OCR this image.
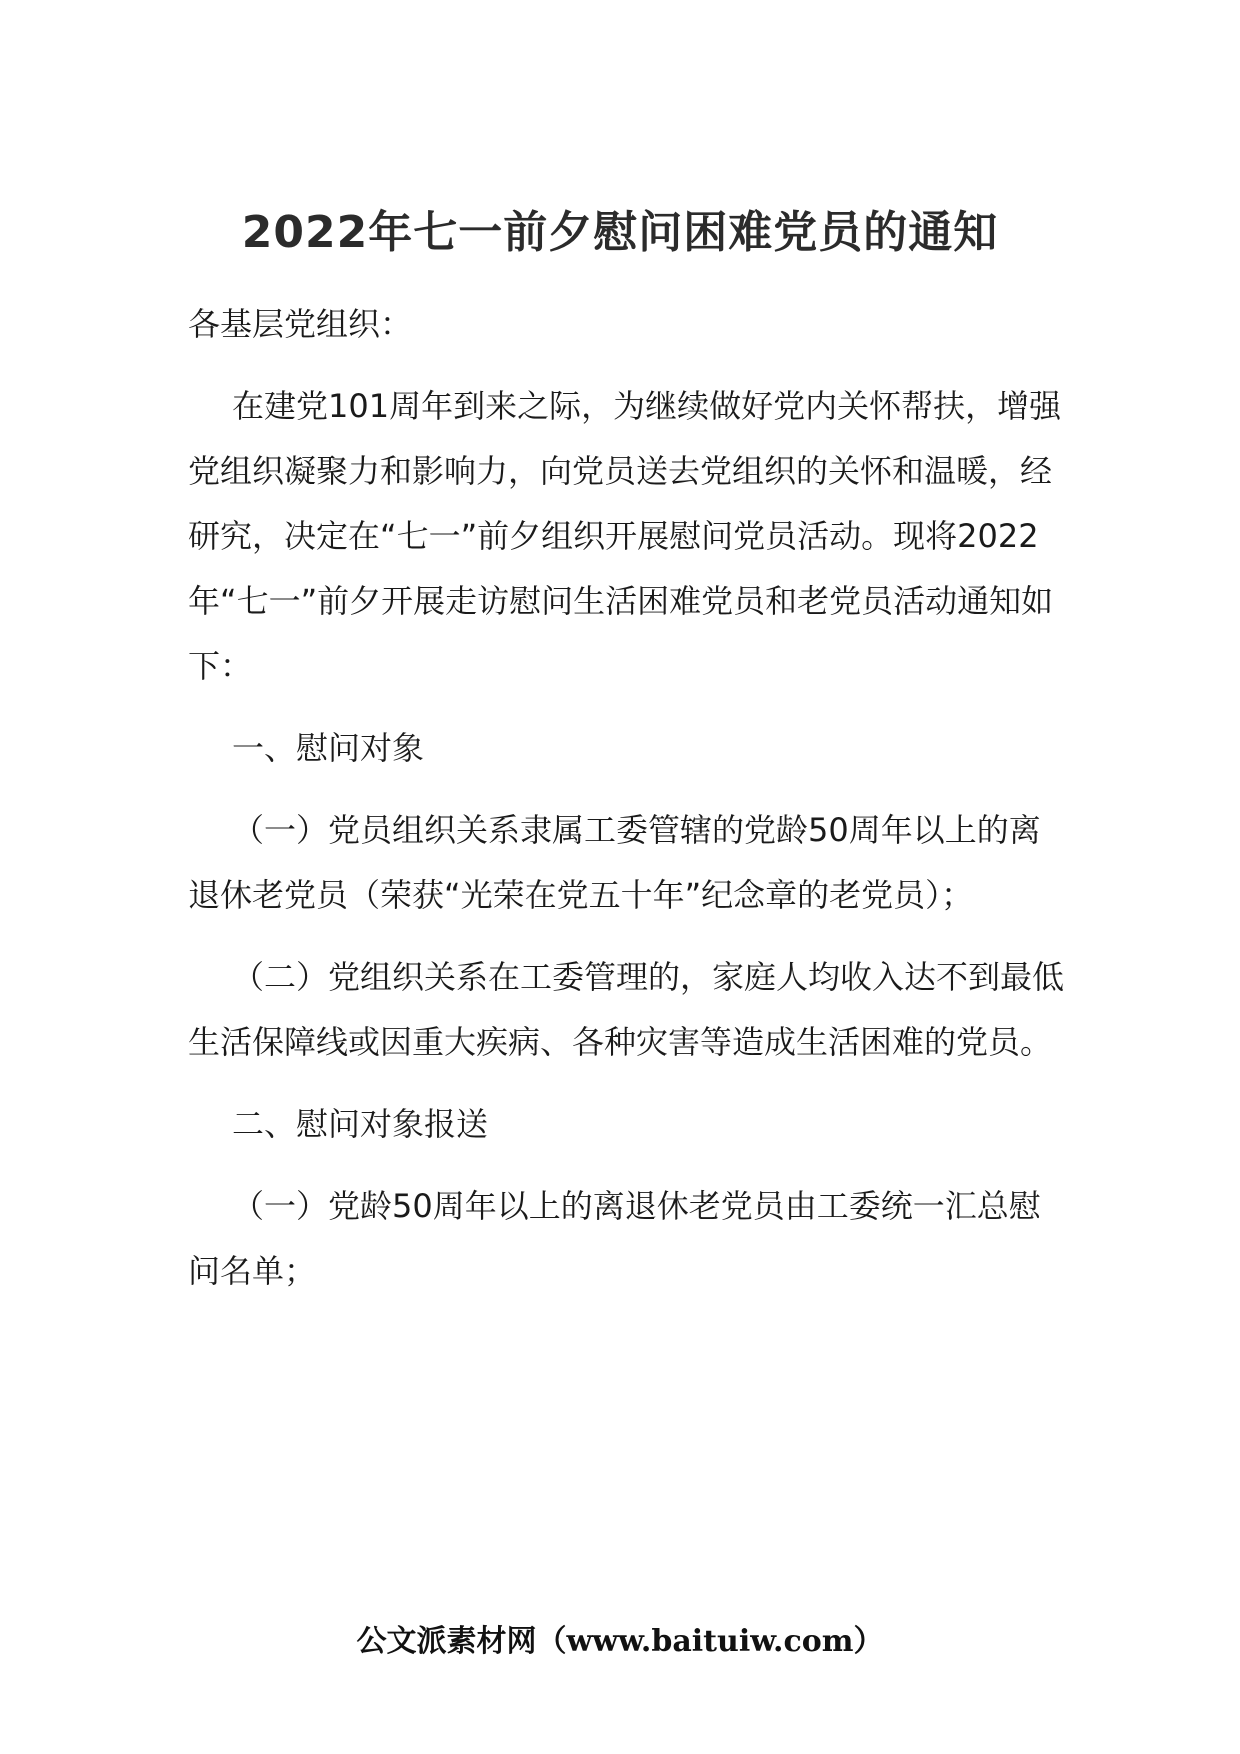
2022年七一前夕慰问困难党员的通知

各基层党组织：

在建党101周年到来之际，为继续做好党内关怀帮扶，增强党组织凝聚力和影响力，向党员送去党组织的关怀和温暖，经研究，决定在“七一”前夕组织开展慰问党员活动。现将2022年“七一”前夕开展走访慰问生活困难党员和老党员活动通知如下：

一、慰问对象

（一）党员组织关系隶属工委管辖的党龄50周年以上的离退休老党员（荣获“光荣在党五十年”纪念章的老党员）；

（二）党组织关系在工委管理的，家庭人均收入达不到最低生活保障线或因重大疾病、各种灾害等造成生活困难的党员。

二、慰问对象报送

（一）党龄50周年以上的离退休老党员由工委统一汇总慰问名单；

公文派素材网（www.baituiw.com）
